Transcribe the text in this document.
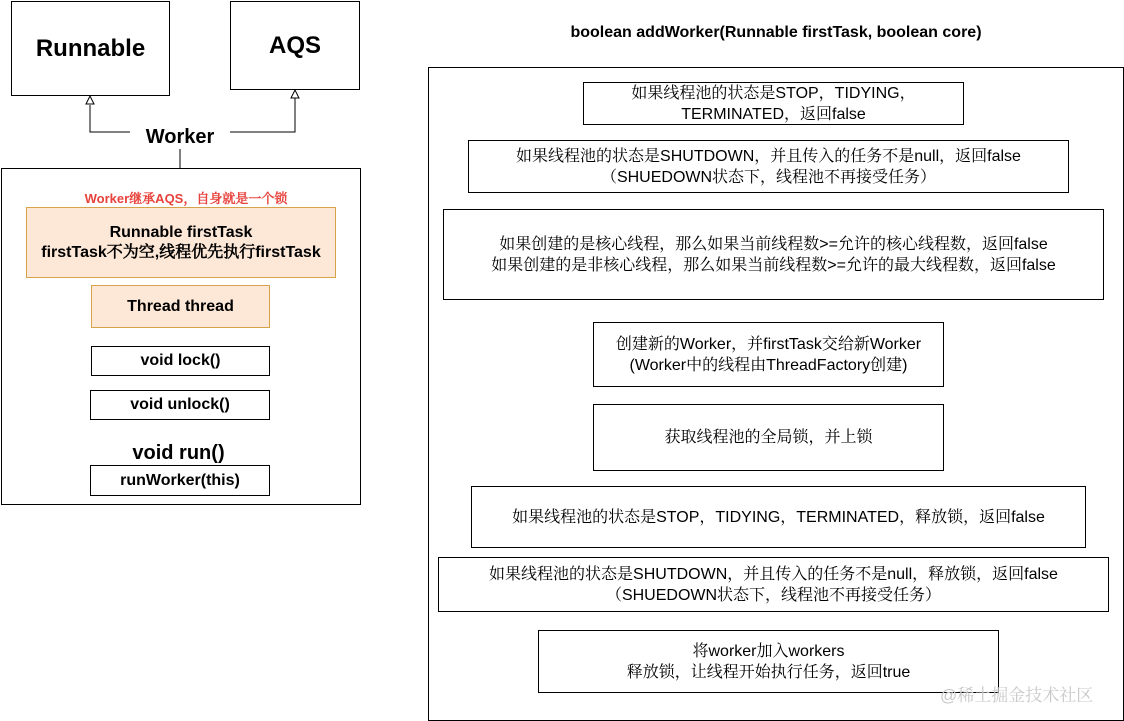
Runnable	AQS
Worker
Worker继承AQS，自身就是一个锁
Runnable firstTask
firstTask不为空,线程优先执行firstTask
Thread thread
void lock()
void unlock()
void run()
runWorker(this)
boolean addWorker(Runnable firstTask, boolean core)
如果线程池的状态是STOP，TIDYING，
TERMINATED，返回false
如果线程池的状态是SHUTDOWN，并且传入的任务不是null，返回false
（SHUEDOWN状态下，线程池不再接受任务）
如果创建的是核心线程，那么如果当前线程数>=允许的核心线程数，返回false
如果创建的是非核心线程，那么如果当前线程数>=允许的最大线程数，返回false
创建新的Worker，并firstTask交给新Worker
(Worker中的线程由ThreadFactory创建)
获取线程池的全局锁，并上锁
如果线程池的状态是STOP，TIDYING，TERMINATED，释放锁，返回false
如果线程池的状态是SHUTDOWN，并且传入的任务不是null，释放锁，返回false
（SHUEDOWN状态下，线程池不再接受任务）
将worker加入workers
释放锁，让线程开始执行任务，返回true
@稀土掘金技术社区
